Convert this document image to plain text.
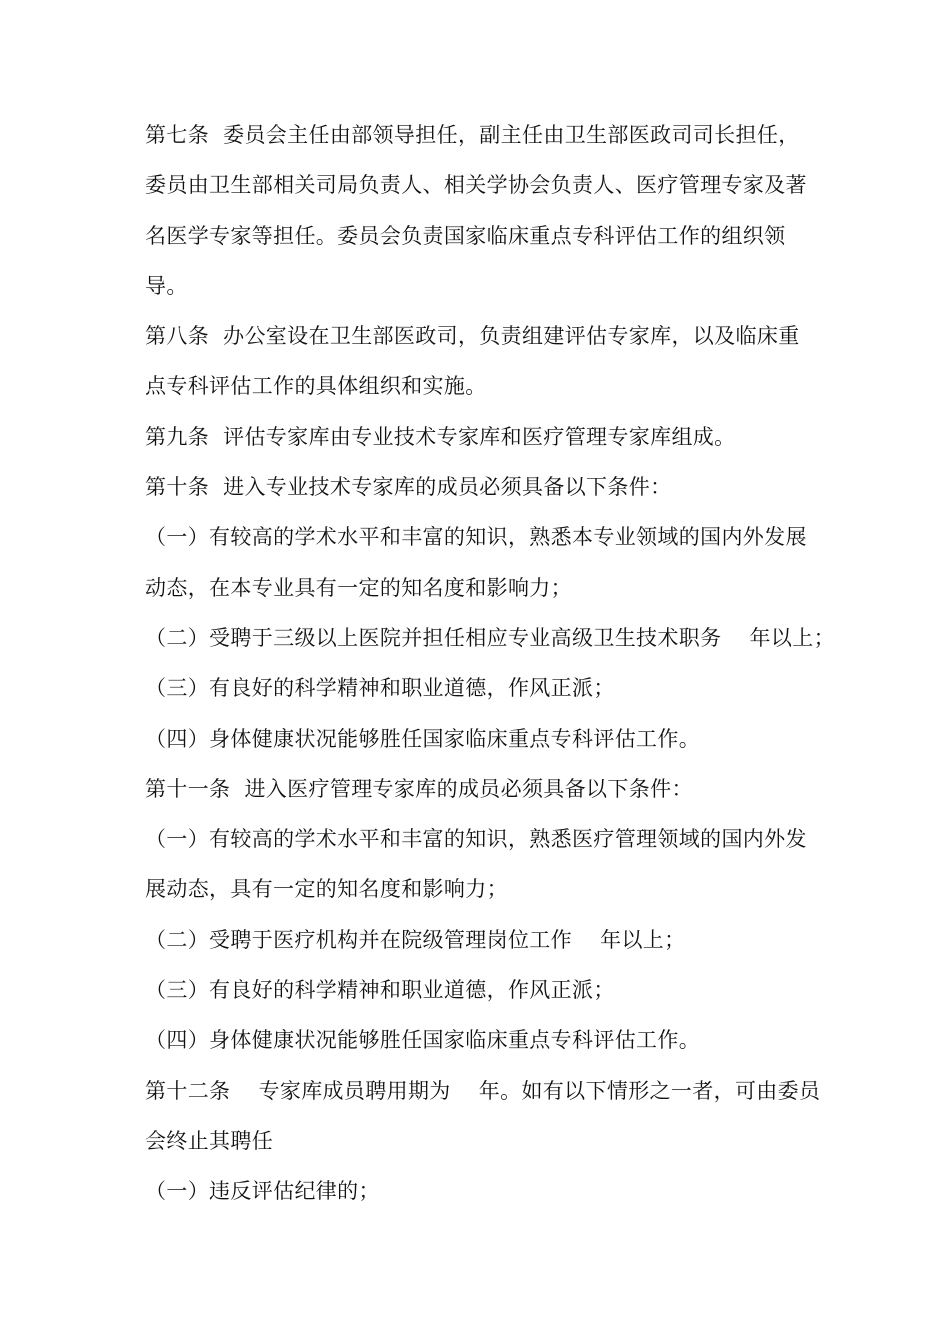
第七条  委员会主任由部领导担任，副主任由卫生部医政司司长担任，
委员由卫生部相关司局负责人、相关学协会负责人、医疗管理专家及著
名医学专家等担任。委员会负责国家临床重点专科评估工作的组织领
导。
第八条  办公室设在卫生部医政司，负责组建评估专家库，以及临床重
点专科评估工作的具体组织和实施。
第九条  评估专家库由专业技术专家库和医疗管理专家库组成。
第十条  进入专业技术专家库的成员必须具备以下条件：
（一）有较高的学术水平和丰富的知识，熟悉本专业领域的国内外发展
动态，在本专业具有一定的知名度和影响力；
（二）受聘于三级以上医院并担任相应专业高级卫生技术职务    年以上；
（三）有良好的科学精神和职业道德，作风正派；
（四）身体健康状况能够胜任国家临床重点专科评估工作。
第十一条  进入医疗管理专家库的成员必须具备以下条件：
（一）有较高的学术水平和丰富的知识，熟悉医疗管理领域的国内外发
展动态，具有一定的知名度和影响力；
（二）受聘于医疗机构并在院级管理岗位工作    年以上；
（三）有良好的科学精神和职业道德，作风正派；
（四）身体健康状况能够胜任国家临床重点专科评估工作。
第十二条    专家库成员聘用期为    年。如有以下情形之一者，可由委员
会终止其聘任
（一）违反评估纪律的；
